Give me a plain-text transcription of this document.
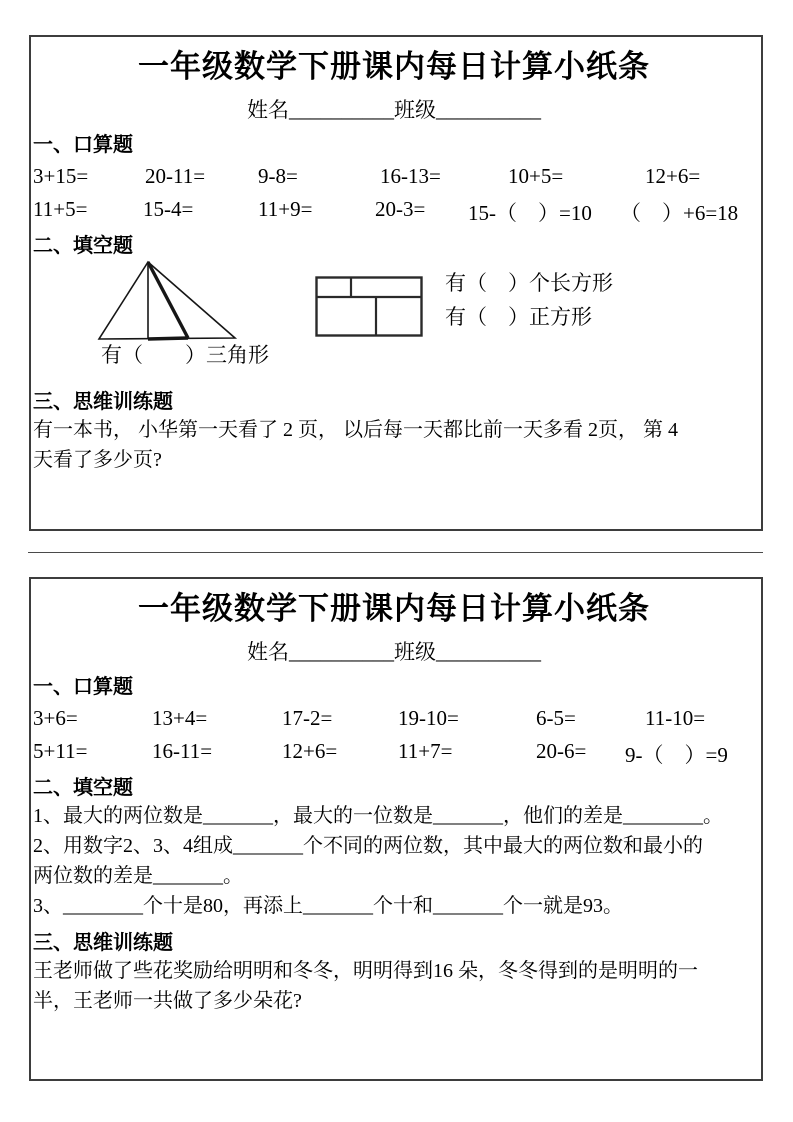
一年级数学下册课内每日计算小纸条
姓名__________班级__________
一、口算题
3+15=	20-11=	9-8=	16-13=	10+5=	12+6=
11+5=	15-4=	11+9=	20-3= 15-（　）=10 （　）+6=18
二、填空题
有（　　）三角形
有（　）个长方形
有（　）正方形
三、思维训练题
有一本书， 小华第一天看了 2 页， 以后每一天都比前一天多看 2页， 第 4
天看了多少页?
一年级数学下册课内每日计算小纸条
姓名__________班级__________
一、口算题
3+6=	13+4=	17-2=	19-10=	6-5=	11-10=
5+11=	16-11=	12+6=	11+7=	20-6= 9-（　）=9
二、填空题
1、最大的两位数是_______，最大的一位数是_______，他们的差是________。
2、用数字2、3、4组成_______个不同的两位数，其中最大的两位数和最小的
两位数的差是_______。
3、________个十是80，再添上_______个十和_______个一就是93。
三、思维训练题
王老师做了些花奖励给明明和冬冬，明明得到16 朵，冬冬得到的是明明的一
半，王老师一共做了多少朵花?
